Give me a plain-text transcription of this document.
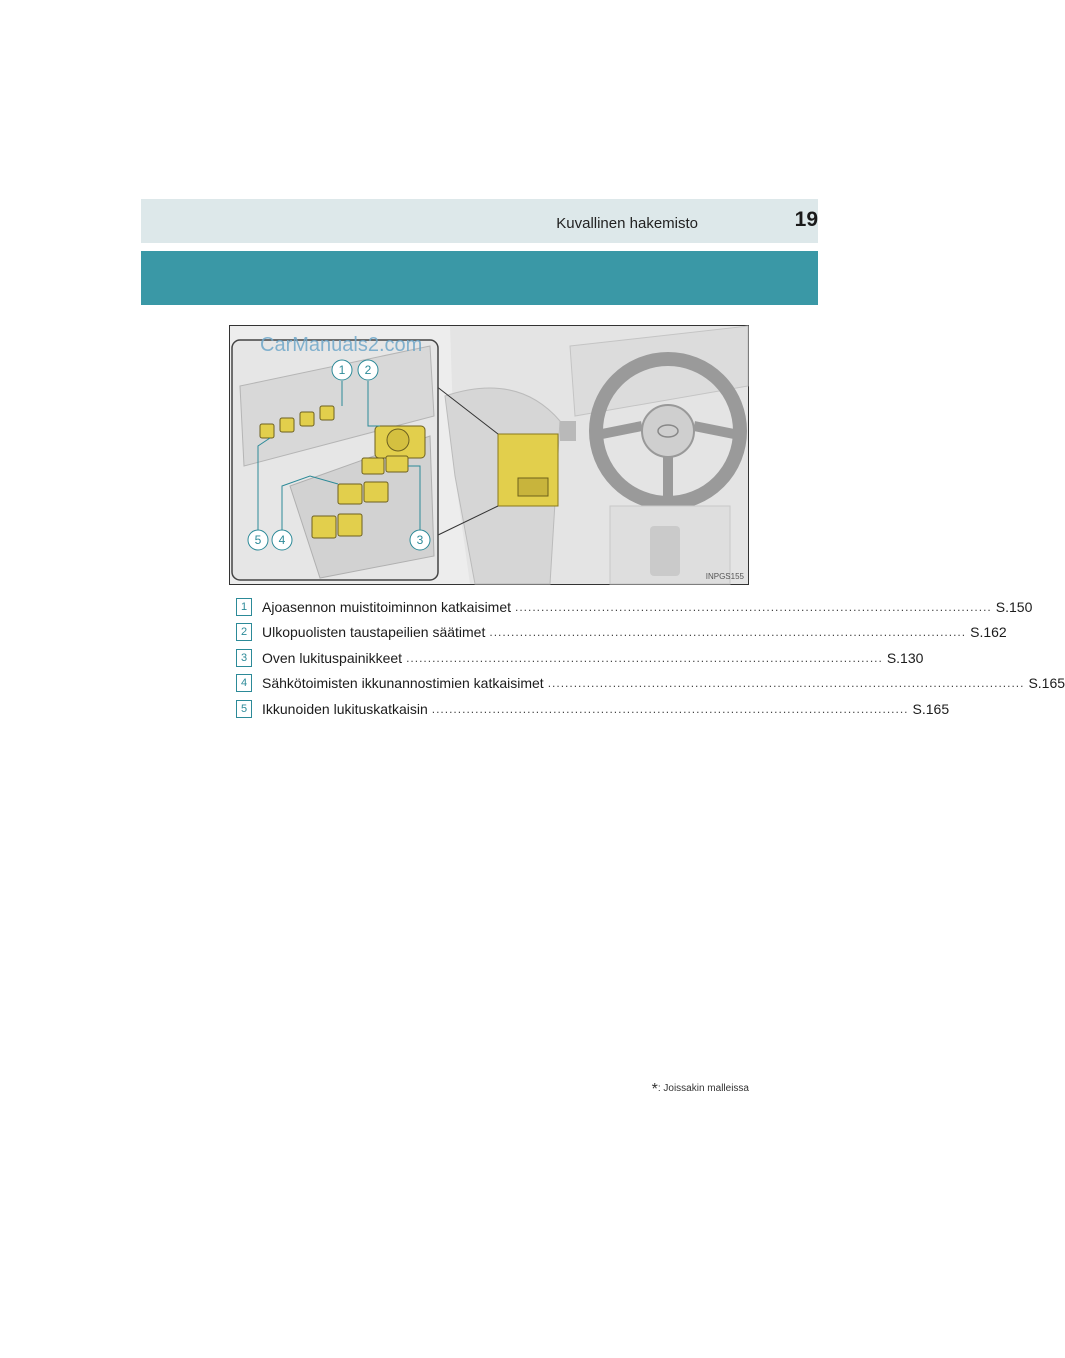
Kuvallinen hakemisto	19
1 2
3
4
5
CarManuals2.com
INPGS155
1	Ajoasennon muistitoiminnon katkaisimet .............................................................................................................. S.150
2	Ulkopuolisten taustapeilien säätimet .............................................................................................................. S.162
3	Oven lukituspainikkeet .............................................................................................................. S.130
4	Sähkötoimisten ikkunannostimien katkaisimet .............................................................................................................. S.165
5	Ikkunoiden lukituskatkaisin .............................................................................................................. S.165
*: Joissakin malleissa
